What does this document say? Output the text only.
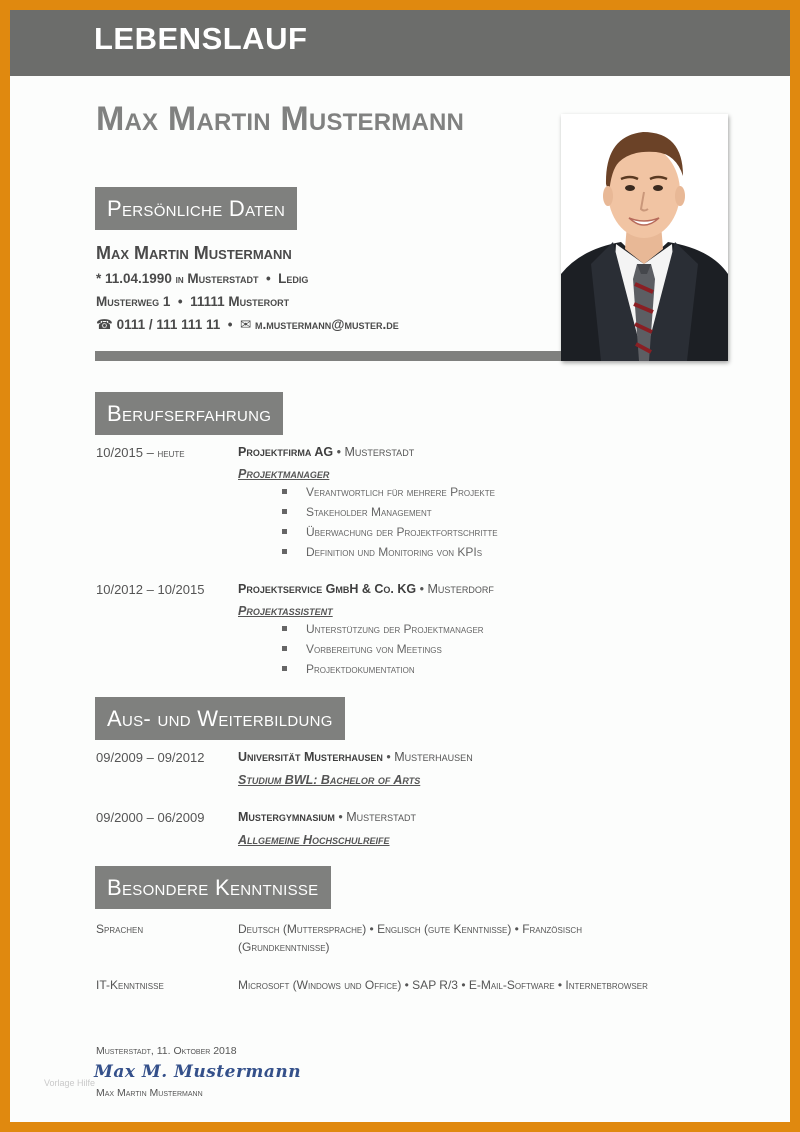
LEBENSLAUF
Max Martin Mustermann
Persönliche Daten
Max Martin Mustermann
* 11.04.1990 in Musterstadt  •  Ledig
Musterweg 1  •  11111 Musterort
☎ 0111 / 111 111 11  •  ✉ m.mustermann@muster.de
Berufserfahrung
10/2015 – heute	Projektfirma AG • Musterstadt
Projektmanager
Verantwortlich für mehrere Projekte
Stakeholder Management
Überwachung der Projektfortschritte
Definition und Monitoring von KPIs
10/2012 – 10/2015	Projektservice GmbH & Co. KG • Musterdorf
Projektassistent
Unterstützung der Projektmanager
Vorbereitung von Meetings
Projektdokumentation
Aus- und Weiterbildung
09/2009 – 09/2012	Universität Musterhausen • Musterhausen
Studium BWL: Bachelor of Arts
09/2000 – 06/2009	Mustergymnasium • Musterstadt
Allgemeine Hochschulreife
Besondere Kenntnisse
Sprachen	Deutsch (Muttersprache) • Englisch (gute Kenntnisse) • Französisch (Grundkenntnisse)
IT-Kenntnisse	Microsoft (Windows und Office) • SAP R/3 • E-Mail-Software • Internetbrowser
Musterstadt, 11. Oktober 2018
Vorlage Hilfe
Max M. Mustermann
Max Martin Mustermann
